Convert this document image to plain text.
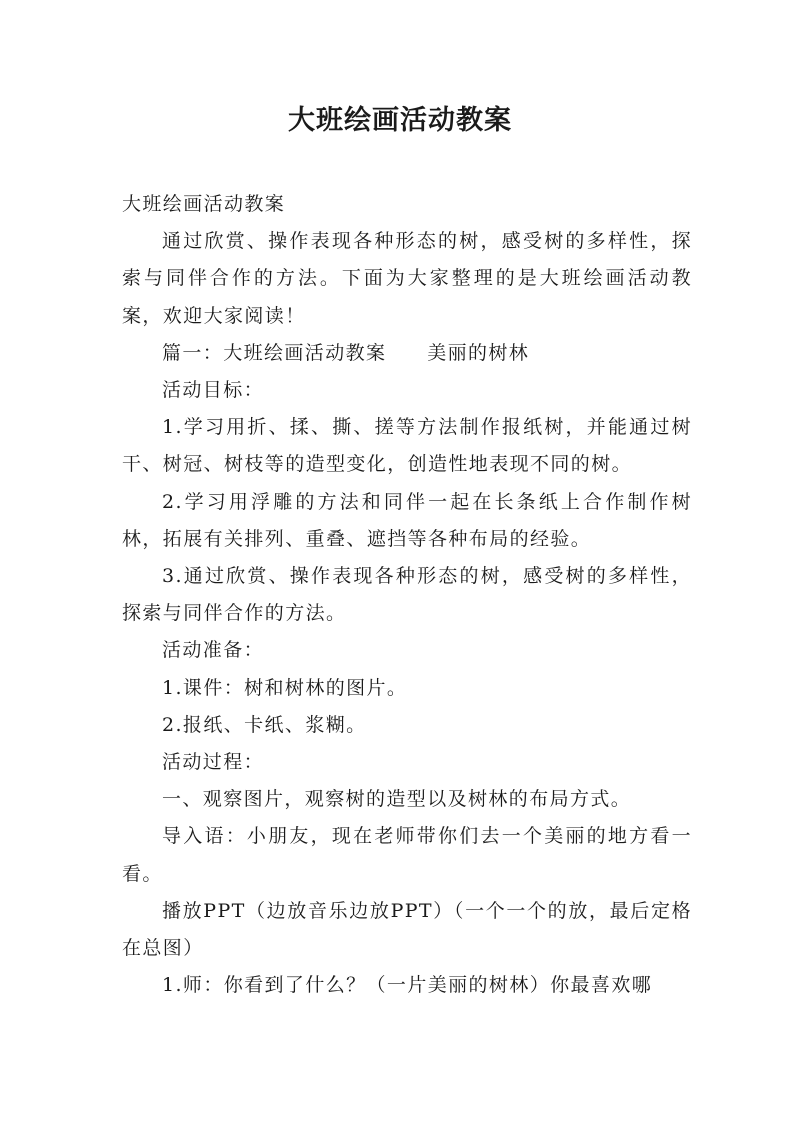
大班绘画活动教案

大班绘画活动教案

通过欣赏、操作表现各种形态的树，感受树的多样性，探索与同伴合作的方法。下面为大家整理的是大班绘画活动教案，欢迎大家阅读！

篇一：大班绘画活动教案　　美丽的树林

活动目标：

1.学习用折、揉、撕、搓等方法制作报纸树，并能通过树干、树冠、树枝等的造型变化，创造性地表现不同的树。

2.学习用浮雕的方法和同伴一起在长条纸上合作制作树林，拓展有关排列、重叠、遮挡等各种布局的经验。

3.通过欣赏、操作表现各种形态的树，感受树的多样性，探索与同伴合作的方法。

活动准备：

1.课件：树和树林的图片。

2.报纸、卡纸、浆糊。

活动过程：

一、观察图片，观察树的造型以及树林的布局方式。

导入语：小朋友，现在老师带你们去一个美丽的地方看一看。

播放PPT（边放音乐边放PPT）（一个一个的放，最后定格在总图）

1.师：你看到了什么？（一片美丽的树林）你最喜欢哪
